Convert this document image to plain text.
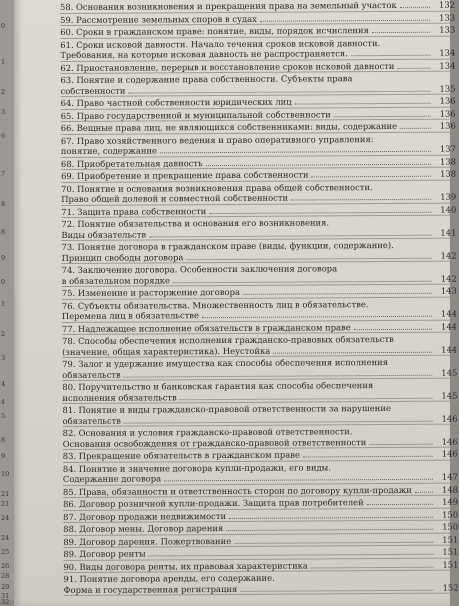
0
1
2
3
6
7
8
8
9
0
1
2
3
4
4
5
8
9
10
21
21
24
24
25
26
28
29
31
32
58. Основания возникновения и прекращения права на земельный участок	132
59. Рассмотрение земельных споров в судах	133
60. Сроки в гражданском праве: понятие, виды, порядок исчисления	133
61. Сроки исковой давности. Начало течения сроков исковой давности.
Требования, на которые исковая давность не распространяется.	134
62. Приостановление, перерыв и восстановление сроков исковой давности	134
63. Понятие и содержание права собственности. Субъекты права
собственности	135
64. Право частной собственности юридических лиц	136
65. Право государственной и муниципальной собственности	136
66. Вещные права лиц, не являющихся собственниками: виды, содержание	136
67. Право хозяйственного ведения и право оперативного управления:
понятие, содержание	137
68. Приобретательная давность	138
69. Приобретение и прекращение права собственности	138
70. Понятие и основания возникновения права общей собственности.
Право общей долевой и совместной собственности	139
71. Защита права собственности	140
72. Понятие обязательства и основания его возникновения.
Виды обязательств	141
73. Понятие договора в гражданском праве (виды, функции, содержание).
Принцип свободы договора	142
74. Заключение договора. Особенности заключения договора
в обязательном порядке	142
75. Изменение и расторжение договора	143
76. Субъекты обязательства. Множественность лиц в обязательстве.
Перемена лиц в обязательстве	144
77. Надлежащее исполнение обязательств в гражданском праве	144
78. Способы обеспечения исполнения гражданско-правовых обязательств
(значение, общая характеристика). Неустойка	144
79. Залог и удержание имущества как способы обеспечения исполнения
обязательств	145
80. Поручительство и банковская гарантия как способы обеспечения
исполнения обязательств	145
81. Понятие и виды гражданско-правовой ответственности за нарушение
обязательств	146
82. Основания и условия гражданско-правовой ответственности.
Основания освобождения от гражданско-правовой ответственности	146
83. Прекращение обязательств в гражданском праве	146
84. Понятие и значение договора купли-продажи, его виды.
Содержание договора	147
85. Права, обязанности и ответственность сторон по договору купли-продажи	148
86. Договор розничной купли-продажи. Защита прав потребителей	149
87. Договор продажи недвижимости	150
88. Договор мены. Договор дарения	150
89. Договор дарения. Пожертвование	151
89. Договор ренты	151
90. Виды договора ренты, их правовая характеристика	151
91. Понятие договора аренды, его содержание.
Форма и государственная регистрация	152
